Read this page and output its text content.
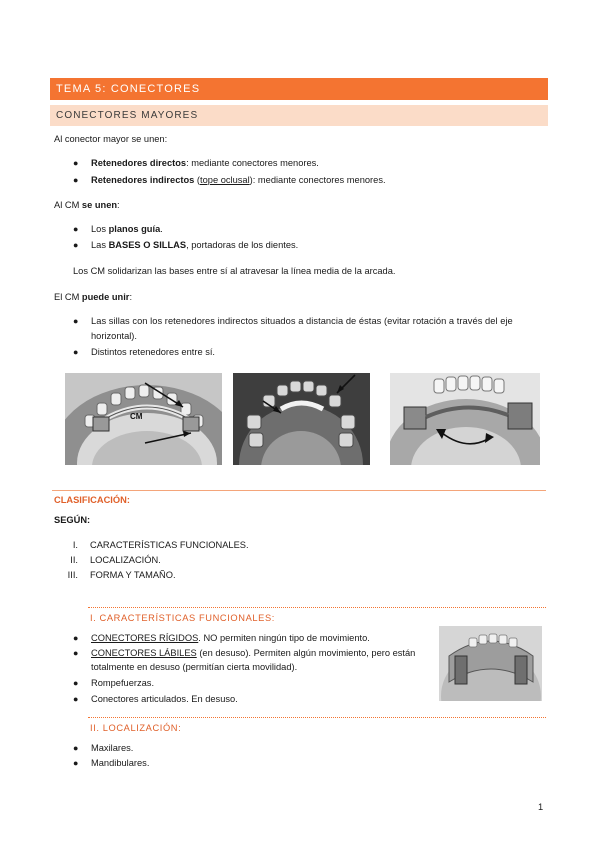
TEMA 5: CONECTORES
CONECTORES MAYORES
Al conector mayor se unen:
● Retenedores directos: mediante conectores menores.
● Retenedores indirectos (tope oclusal): mediante conectores menores.
Al CM se unen:
● Los planos guía.
● Las BASES O SILLAS, portadoras de los dientes.
Los CM solidarizan las bases entre sí al atravesar la línea media de la arcada.
El CM puede unir:
● Las sillas con los retenedores indirectos situados a distancia de éstas (evitar rotación a través del eje
horizontal).
● Distintos retenedores entre sí.
CM
CLASIFICACIÓN:
SEGÚN:
I. CARACTERÍSTICAS FUNCIONALES.
II. LOCALIZACIÓN.
III. FORMA Y TAMAÑO.
I. CARACTERÍSTICAS FUNCIONALES:
● CONECTORES RÍGIDOS. NO permiten ningún tipo de movimiento.
● CONECTORES LÁBILES (en desuso). Permiten algún movimiento, pero están
totalmente en desuso (permitían cierta movilidad).
● Rompefuerzas.
● Conectores articulados. En desuso.
II. LOCALIZACIÓN:
● Maxilares.
● Mandibulares.
1
